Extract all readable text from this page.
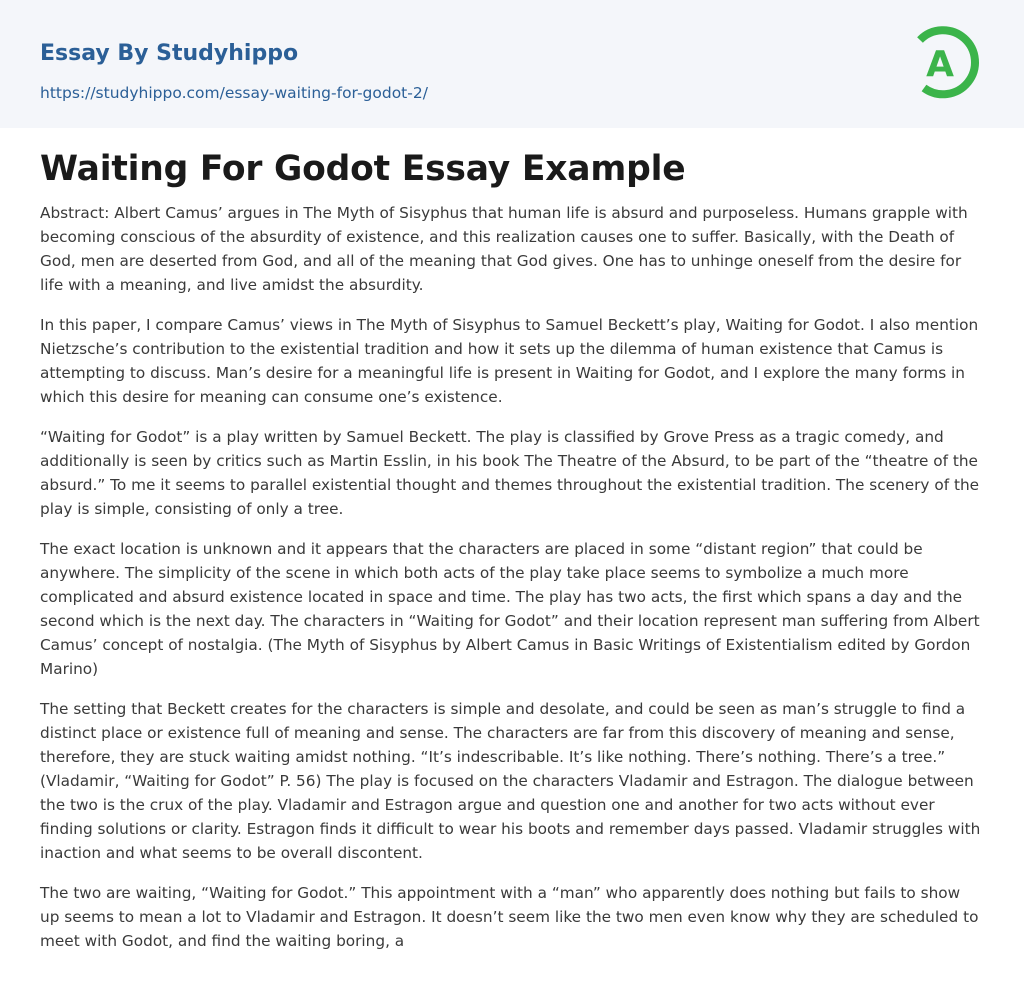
Essay By Studyhippo
https://studyhippo.com/essay-waiting-for-godot-2/
A
Waiting For Godot Essay Example

Abstract: Albert Camus’ argues in The Myth of Sisyphus that human life is absurd and purposeless. Humans grapple with becoming conscious of the absurdity of existence, and this realization causes one to suffer. Basically, with the Death of God, men are deserted from God, and all of the meaning that God gives. One has to unhinge oneself from the desire for life with a meaning, and live amidst the absurdity.

In this paper, I compare Camus’ views in The Myth of Sisyphus to Samuel Beckett’s play, Waiting for Godot. I also mention Nietzsche’s contribution to the existential tradition and how it sets up the dilemma of human existence that Camus is attempting to discuss. Man’s desire for a meaningful life is present in Waiting for Godot, and I explore the many forms in which this desire for meaning can consume one’s existence.

“Waiting for Godot” is a play written by Samuel Beckett. The play is classified by Grove Press as a tragic comedy, and additionally is seen by critics such as Martin Esslin, in his book The Theatre of the Absurd, to be part of the “theatre of the absurd.” To me it seems to parallel existential thought and themes throughout the existential tradition. The scenery of the play is simple, consisting of only a tree.

The exact location is unknown and it appears that the characters are placed in some “distant region” that could be anywhere. The simplicity of the scene in which both acts of the play take place seems to symbolize a much more complicated and absurd existence located in space and time. The play has two acts, the first which spans a day and the second which is the next day. The characters in “Waiting for Godot” and their location represent man suffering from Albert Camus’ concept of nostalgia. (The Myth of Sisyphus by Albert Camus in Basic Writings of Existentialism edited by Gordon Marino)

The setting that Beckett creates for the characters is simple and desolate, and could be seen as man’s struggle to find a distinct place or existence full of meaning and sense. The characters are far from this discovery of meaning and sense, therefore, they are stuck waiting amidst nothing. “It’s indescribable. It’s like nothing. There’s nothing. There’s a tree.” (Vladamir, “Waiting for Godot” P. 56) The play is focused on the characters Vladamir and Estragon. The dialogue between the two is the crux of the play. Vladamir and Estragon argue and question one and another for two acts without ever finding solutions or clarity. Estragon finds it difficult to wear his boots and remember days passed. Vladamir struggles with inaction and what seems to be overall discontent.

The two are waiting, “Waiting for Godot.” This appointment with a “man” who apparently does nothing but fails to show up seems to mean a lot to Vladamir and Estragon. It doesn’t seem like the two men even know why they are scheduled to meet with Godot, and find the waiting boring, a
